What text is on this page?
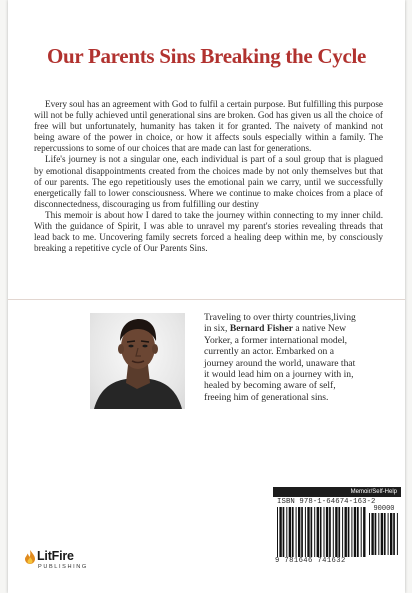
Our Parents Sins Breaking the Cycle

Every soul has an agreement with God to fulfil a certain purpose. But fulfilling this purpose will not be fully achieved until generational sins are broken. God has given us all the choice of free will but unfortunately, humanity has taken it for granted. The naivety of mankind not being aware of the power in choice, or how it affects souls especially within a family. The repercussions to some of our choices that are made can last for generations.

Life's journey is not a singular one, each individual is part of a soul group that is plagued by emotional disappointments created from the choices made by not only themselves but that of our parents. The ego repetitiously uses the emotional pain we carry, until we successfully energetically fall to lower consciousness. Where we continue to make choices from a place of disconnectedness, discouraging us from fulfilling our destiny

This memoir is about how I dared to take the journey within connecting to my inner child. With the guidance of Spirit, I was able to unravel my parent's stories revealing threads that lead back to me. Uncovering family secrets forced a healing deep within me, by consciously breaking a repetitive cycle of Our Parents Sins.

Traveling to over thirty countries,living in six, Bernard Fisher a native New Yorker, a former international model, currently an actor. Embarked on a journey around the world, unaware that it would lead him on a journey with in, healed by becoming aware of self, freeing him of generational sins.
Memoir/Self-Help
ISBN 978-1-64674-163-2
90000
9 781646 741632
LitFire
PUBLISHING
